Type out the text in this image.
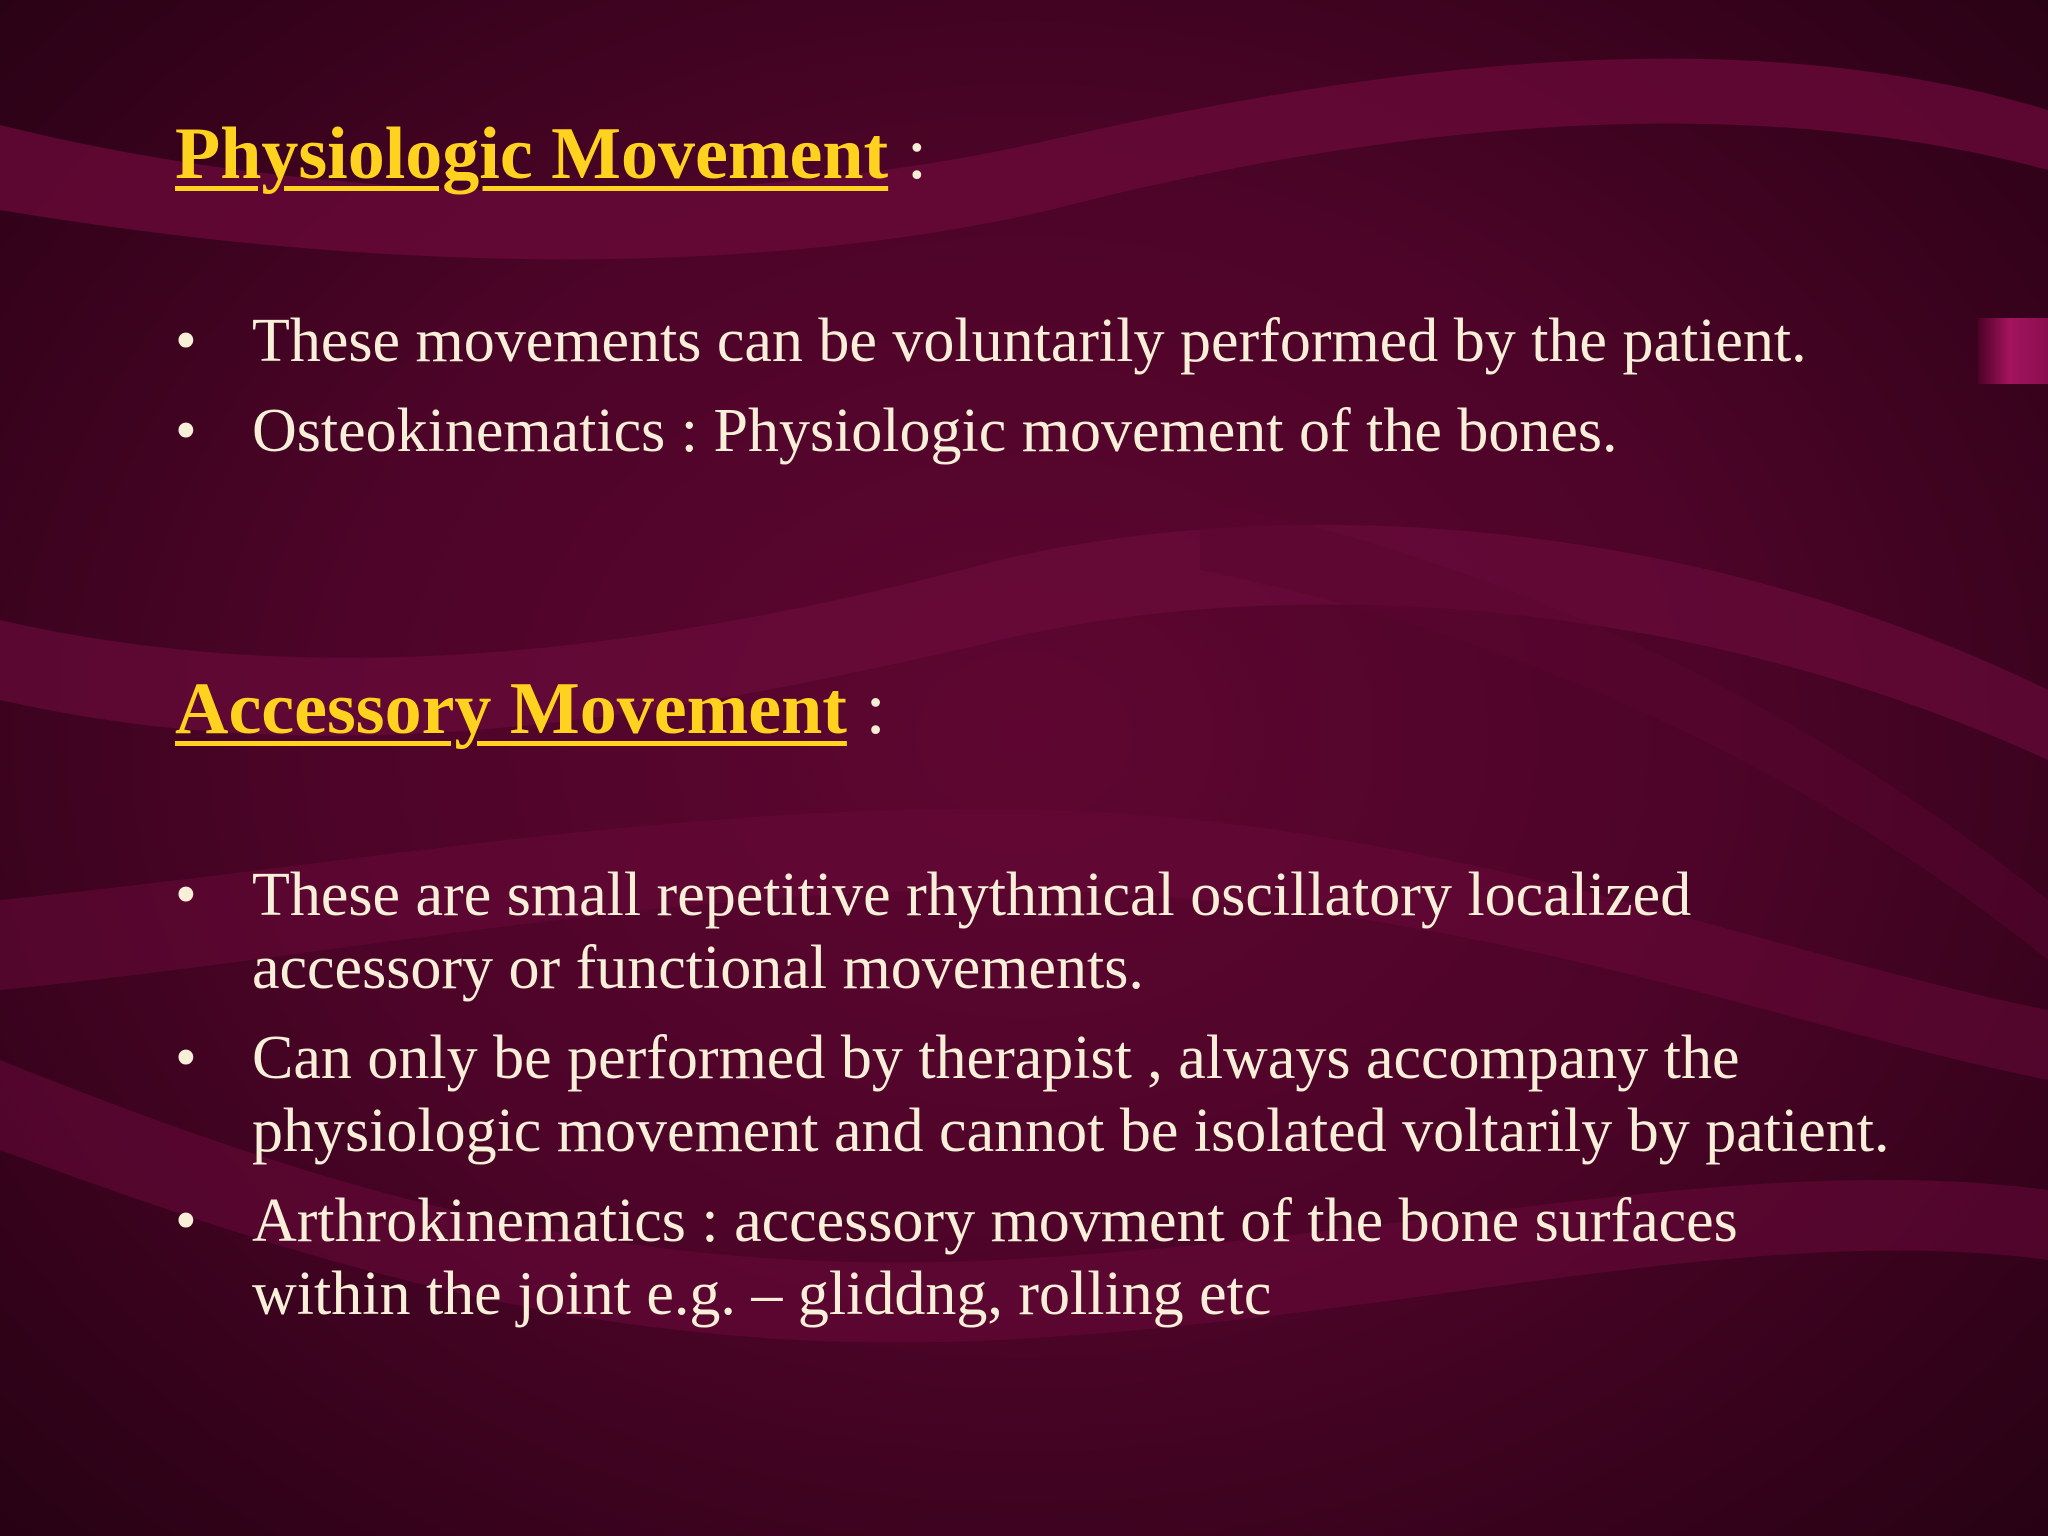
Physiologic Movement :
• These movements can be voluntarily performed by the patient.
• Osteokinematics : Physiologic movement of the bones.
Accessory Movement :
• These are small repetitive rhythmical oscillatory localized accessory or functional movements.
• Can only be performed by therapist , always accompany the physiologic movement and cannot be isolated voltarily by patient.
• Arthrokinematics : accessory movment of the bone surfaces within the joint e.g. – gliddng, rolling etc
